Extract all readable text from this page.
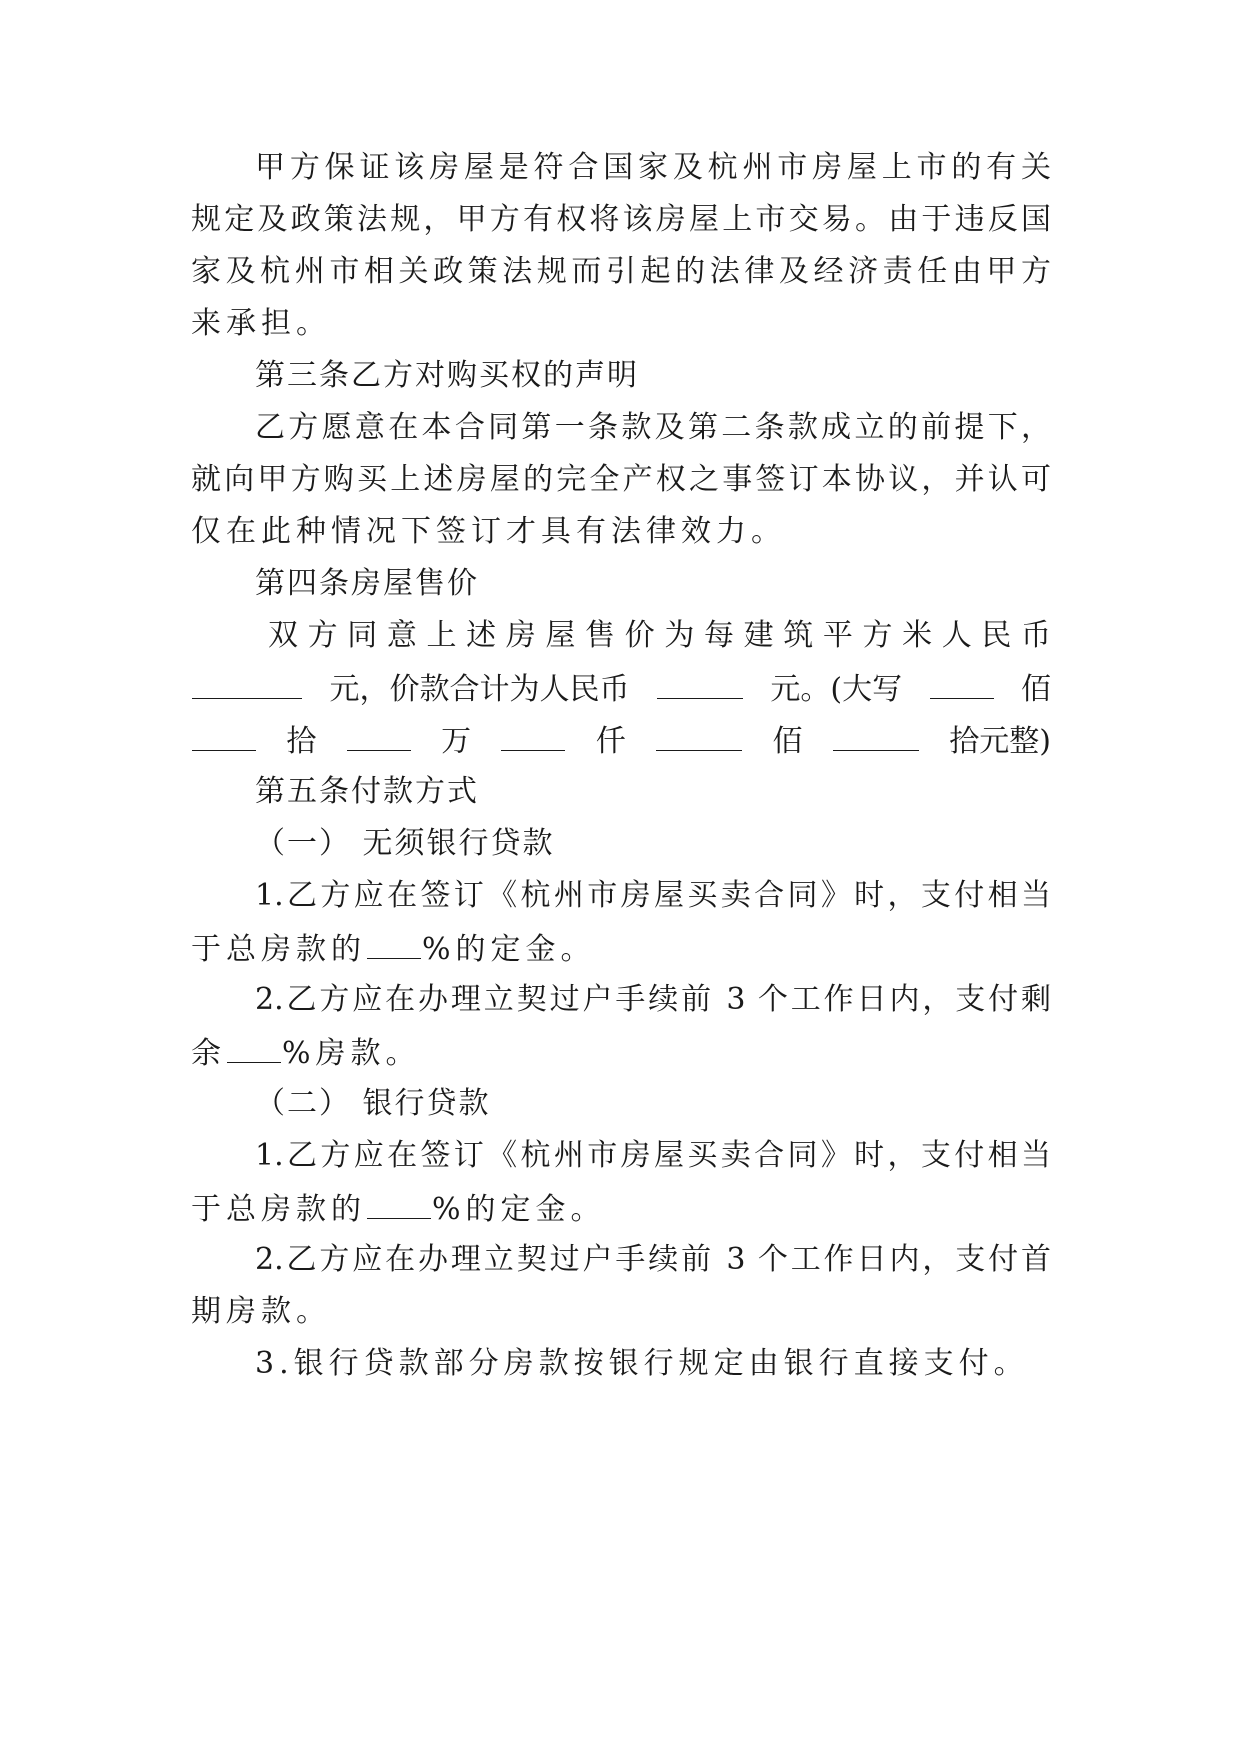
甲方保证该房屋是符合国家及杭州市房屋上市的有关
规定及政策法规，甲方有权将该房屋上市交易。由于违反国
家及杭州市相关政策法规而引起的法律及经济责任由甲方
来承担。
第三条乙方对购买权的声明
乙方愿意在本合同第一条款及第二条款成立的前提下，
就向甲方购买上述房屋的完全产权之事签订本协议，并认可
仅在此种情况下签订才具有法律效力。
第四条房屋售价
双方同意上述房屋售价为每建筑平方米人民币
元，价款合计为人民币	元。(大写	佰
拾	万	仟	佰	拾元整)
第五条付款方式
（一） 无须银行贷款
1.乙方应在签订《杭州市房屋买卖合同》时，支付相当
于总房款的 %的定金。
2.乙方应在办理立契过户手续前 3 个工作日内，支付剩
余 %房款。
（二） 银行贷款
1.乙方应在签订《杭州市房屋买卖合同》时，支付相当
于总房款的 %的定金。
2.乙方应在办理立契过户手续前 3 个工作日内，支付首
期房款。
3.银行贷款部分房款按银行规定由银行直接支付。
